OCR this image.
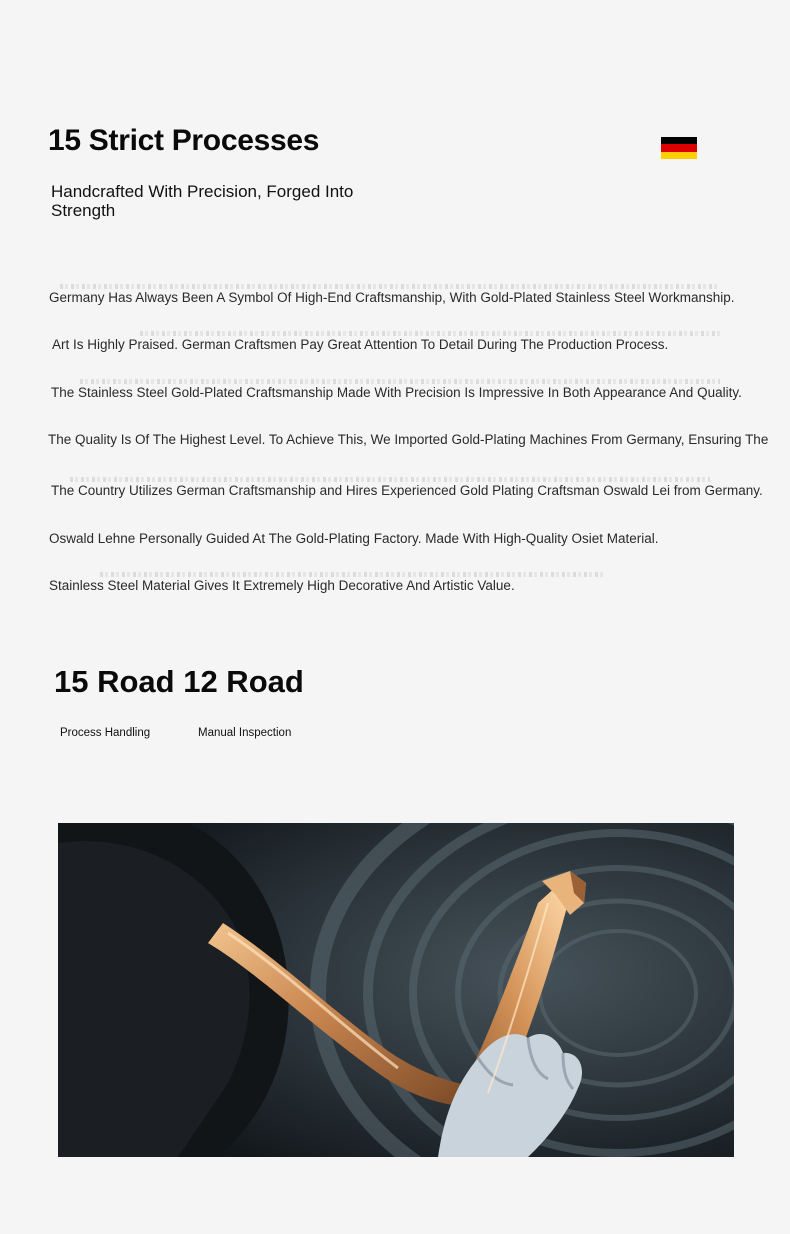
15 Strict Processes
Handcrafted With Precision, Forged Into Strength
Germany Has Always Been A Symbol Of High-End Craftsmanship, With Gold-Plated Stainless Steel Workmanship.
Art Is Highly Praised. German Craftsmen Pay Great Attention To Detail During The Production Process.
The Stainless Steel Gold-Plated Craftsmanship Made With Precision Is Impressive In Both Appearance And Quality.
The Quality Is Of The Highest Level. To Achieve This, We Imported Gold-Plating Machines From Germany, Ensuring The
The Country Utilizes German Craftsmanship and Hires Experienced Gold Plating Craftsman Oswald Lei from Germany.
Oswald Lehne Personally Guided At The Gold-Plating Factory. Made With High-Quality Osiet Material.
Stainless Steel Material Gives It Extremely High Decorative And Artistic Value.
15 Road 12 Road
Process Handling	Manual Inspection
